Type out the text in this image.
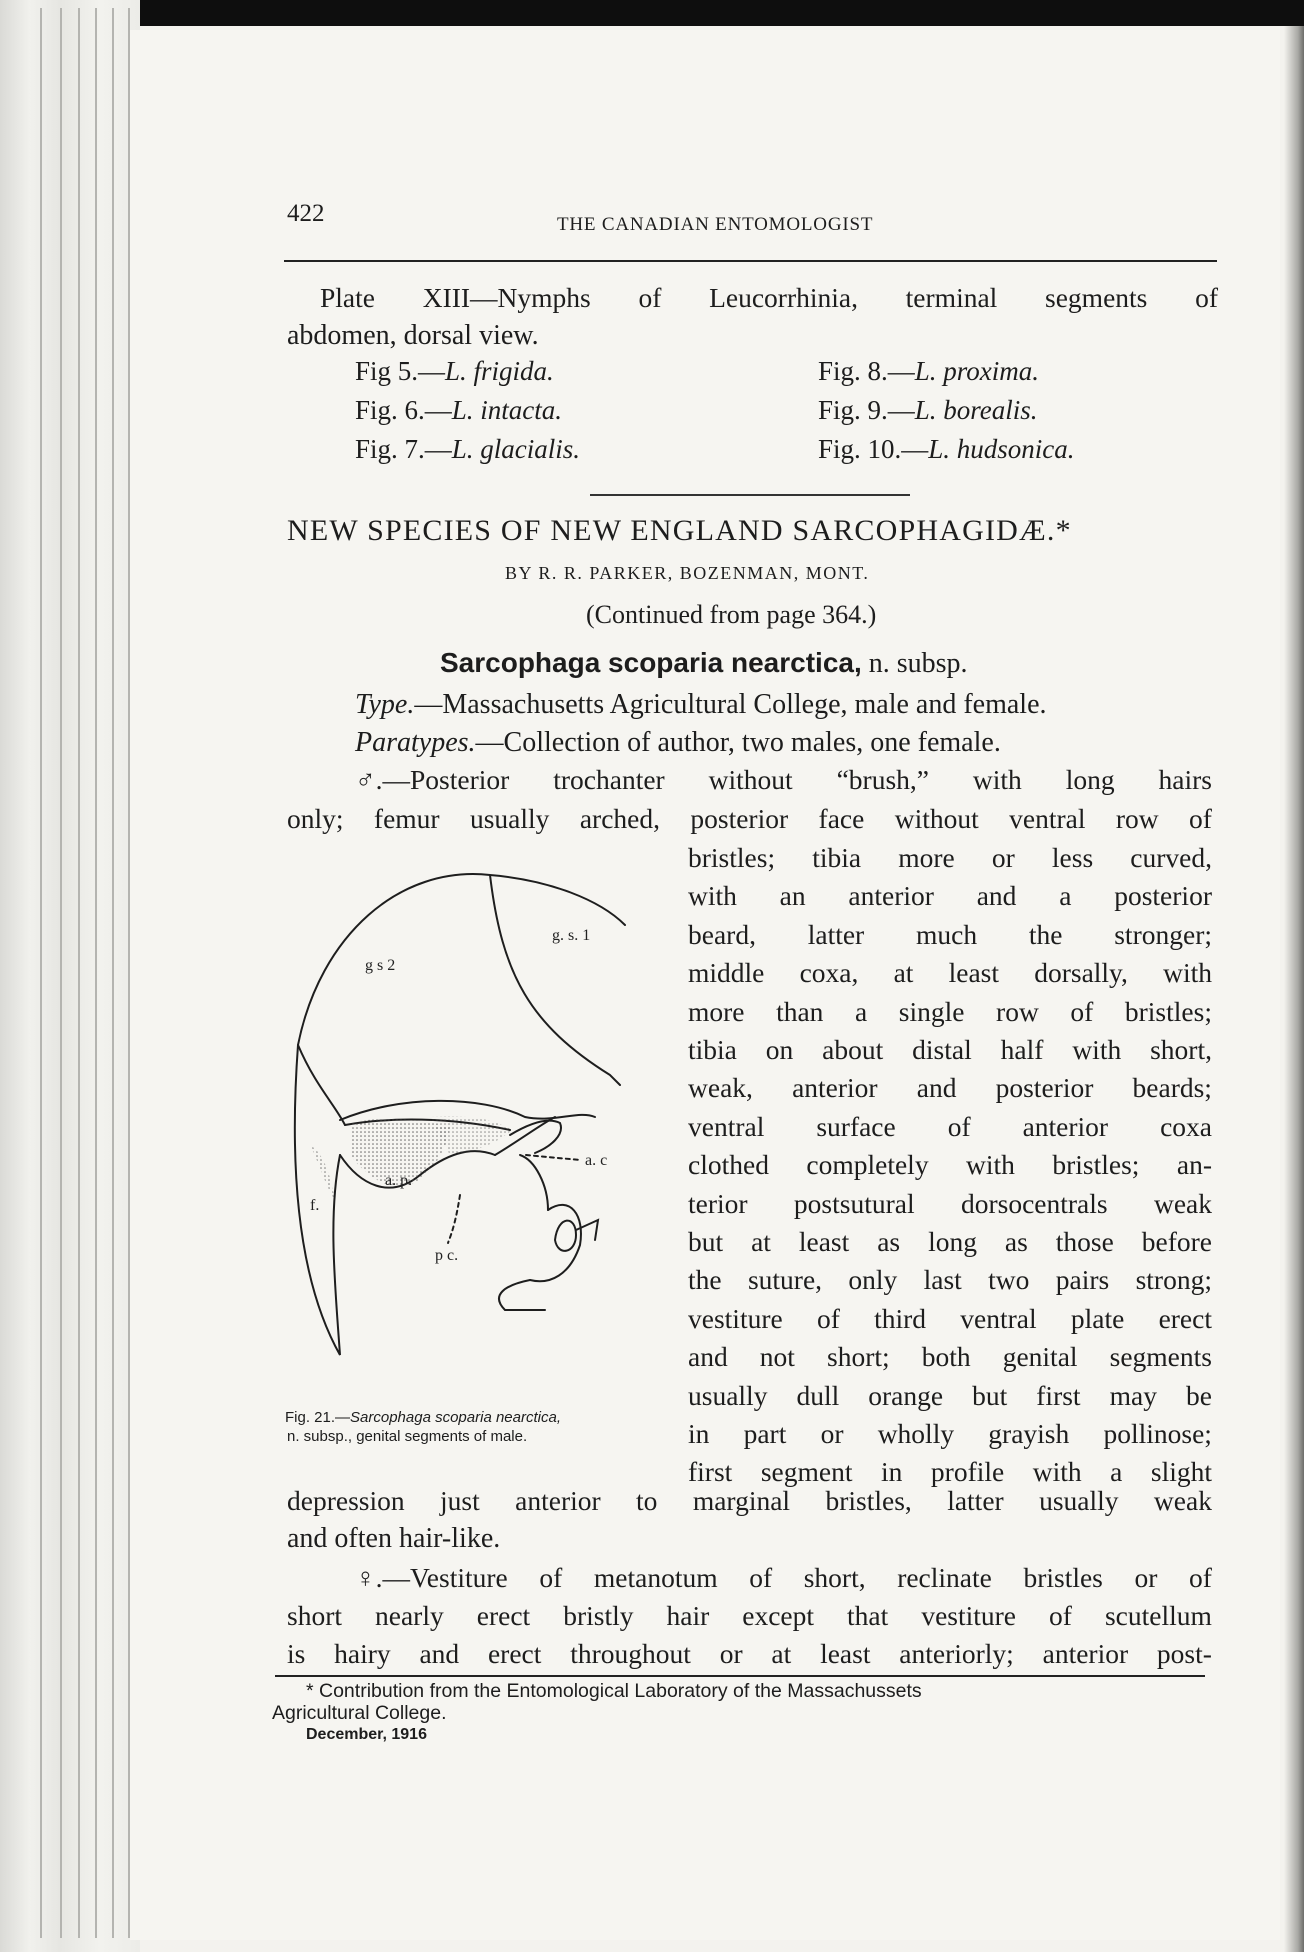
422	THE CANADIAN ENTOMOLOGIST
Plate XIII—Nymphs of Leucorrhinia, terminal segments of
abdomen, dorsal view.
Fig 5.—L. frigida.
Fig. 6.—L. intacta.
Fig. 7.—L. glacialis.
Fig. 8.—L. proxima.
Fig. 9.—L. borealis.
Fig. 10.—L. hudsonica.
NEW SPECIES OF NEW ENGLAND SARCOPHAGIDÆ.*
BY R. R. PARKER, BOZENMAN, MONT.
(Continued from page 364.)
Sarcophaga scoparia nearctica, n. subsp.
Type.—Massachusetts Agricultural College, male and female.
Paratypes.—Collection of author, two males, one female.
♂.—Posterior trochanter without “brush,” with long hairs
only; femur usually arched, posterior face without ventral row of
bristles; tibia more or less curved,
with an anterior and a posterior
beard, latter much the stronger;
middle coxa, at least dorsally, with
more than a single row of bristles;
tibia on about distal half with short,
weak, anterior and posterior beards;
ventral surface of anterior coxa
clothed completely with bristles; an-
terior postsutural dorsocentrals weak
but at least as long as those before
the suture, only last two pairs strong;
vestiture of third ventral plate erect
and not short; both genital segments
usually dull orange but first may be
in part or wholly grayish pollinose;
first segment in profile with a slight
g s 2
g. s. 1
a. c
a. p.
f.
p c.
Fig. 21.—Sarcophaga scoparia nearctica,
n. subsp., genital segments of male.
depression just anterior to marginal bristles, latter usually weak
and often hair-like.
♀.—Vestiture of metanotum of short, reclinate bristles or of
short nearly erect bristly hair except that vestiture of scutellum
is hairy and erect throughout or at least anteriorly; anterior post-
* Contribution from the Entomological Laboratory of the Massachussets
Agricultural College.
December, 1916
